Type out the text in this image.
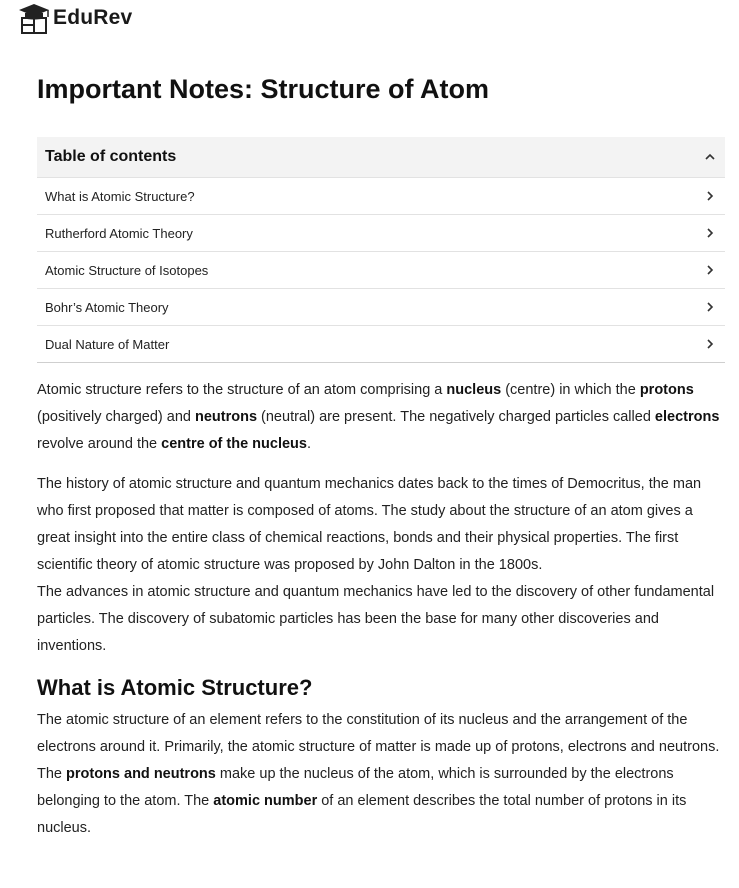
EduRev
Important Notes: Structure of Atom
Table of contents
What is Atomic Structure?
Rutherford Atomic Theory
Atomic Structure of Isotopes
Bohr’s Atomic Theory
Dual Nature of Matter

Atomic structure refers to the structure of an atom comprising a nucleus (centre) in which the protons (positively charged) and neutrons (neutral) are present. The negatively charged particles called electrons revolve around the centre of the nucleus.

The history of atomic structure and quantum mechanics dates back to the times of Democritus, the man who first proposed that matter is composed of atoms. The study about the structure of an atom gives a great insight into the entire class of chemical reactions, bonds and their physical properties. The first scientific theory of atomic structure was proposed by John Dalton in the 1800s.

The advances in atomic structure and quantum mechanics have led to the discovery of other fundamental particles. The discovery of subatomic particles has been the base for many other discoveries and inventions.

What is Atomic Structure?

The atomic structure of an element refers to the constitution of its nucleus and the arrangement of the electrons around it. Primarily, the atomic structure of matter is made up of protons, electrons and neutrons.

The protons and neutrons make up the nucleus of the atom, which is surrounded by the electrons belonging to the atom. The atomic number of an element describes the total number of protons in its nucleus.
